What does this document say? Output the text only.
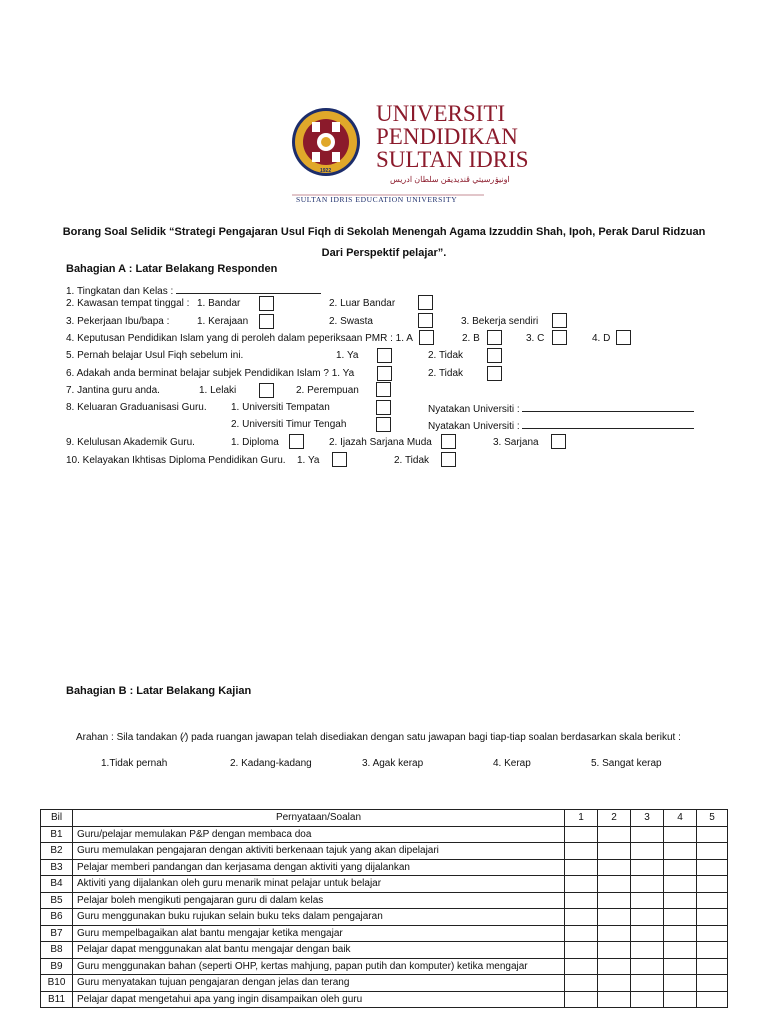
PENGETAHUAN SULUH BUDIMAN
1922
UNIVERSITI
PENDIDIKAN
SULTAN IDRIS
اونيۏرسيتي ڤنديديقن سلطان ادريس
SULTAN IDRIS EDUCATION UNIVERSITY
Borang Soal Selidik “Strategi Pengajaran Usul Fiqh di Sekolah Menengah Agama Izzuddin Shah, Ipoh, Perak Darul Ridzuan Dari Perspektif pelajar”.
Bahagian A : Latar Belakang Responden
1. Tingkatan dan Kelas :
2. Kawasan tempat tinggal : 1. Bandar	2. Luar Bandar
3. Pekerjaan Ibu/bapa :	1. Kerajaan	2. Swasta	3. Bekerja sendiri
4. Keputusan Pendidikan Islam yang di peroleh dalam peperiksaan PMR : 1. A	2. B	3. C	4. D
5. Pernah belajar Usul Fiqh sebelum ini.	1. Ya	2. Tidak
6. Adakah anda berminat belajar subjek Pendidikan Islam ? 1. Ya	2. Tidak
7. Jantina guru anda.	1. Lelaki	2. Perempuan
8. Keluaran Graduanisasi Guru. 1. Universiti Tempatan	Nyatakan Universiti :
2. Universiti Timur Tengah	Nyatakan Universiti :
9. Kelulusan Akademik Guru.	1. Diploma	2. Ijazah Sarjana Muda	3. Sarjana
10. Kelayakan Ikhtisas Diploma Pendidikan Guru. 1. Ya	2. Tidak
Bahagian B : Latar Belakang Kajian
Arahan : Sila tandakan (⁄) pada ruangan jawapan telah disediakan dengan satu jawapan bagi tiap-tiap soalan berdasarkan skala berikut :
1.Tidak pernah	2. Kadang-kadang	3. Agak kerap	4. Kerap	5. Sangat kerap
Bil	Pernyataan/Soalan	1	2	3	4	5
B1	Guru/pelajar memulakan P&P dengan membaca doa					
B2	Guru memulakan pengajaran dengan aktiviti berkenaan tajuk yang akan dipelajari					
B3	Pelajar memberi pandangan dan kerjasama dengan aktiviti yang dijalankan					
B4	Aktiviti yang dijalankan oleh guru menarik minat pelajar untuk belajar					
B5	Pelajar boleh mengikuti pengajaran guru di dalam kelas					
B6	Guru menggunakan buku rujukan selain buku teks dalam pengajaran					
B7	Guru mempelbagaikan alat bantu mengajar ketika mengajar					
B8	Pelajar dapat menggunakan alat bantu mengajar dengan baik					
B9	Guru menggunakan bahan (seperti OHP, kertas mahjung, papan putih dan komputer) ketika mengajar					
B10	Guru menyatakan tujuan pengajaran dengan jelas dan terang					
B11	Pelajar dapat mengetahui apa yang ingin disampaikan oleh guru					
